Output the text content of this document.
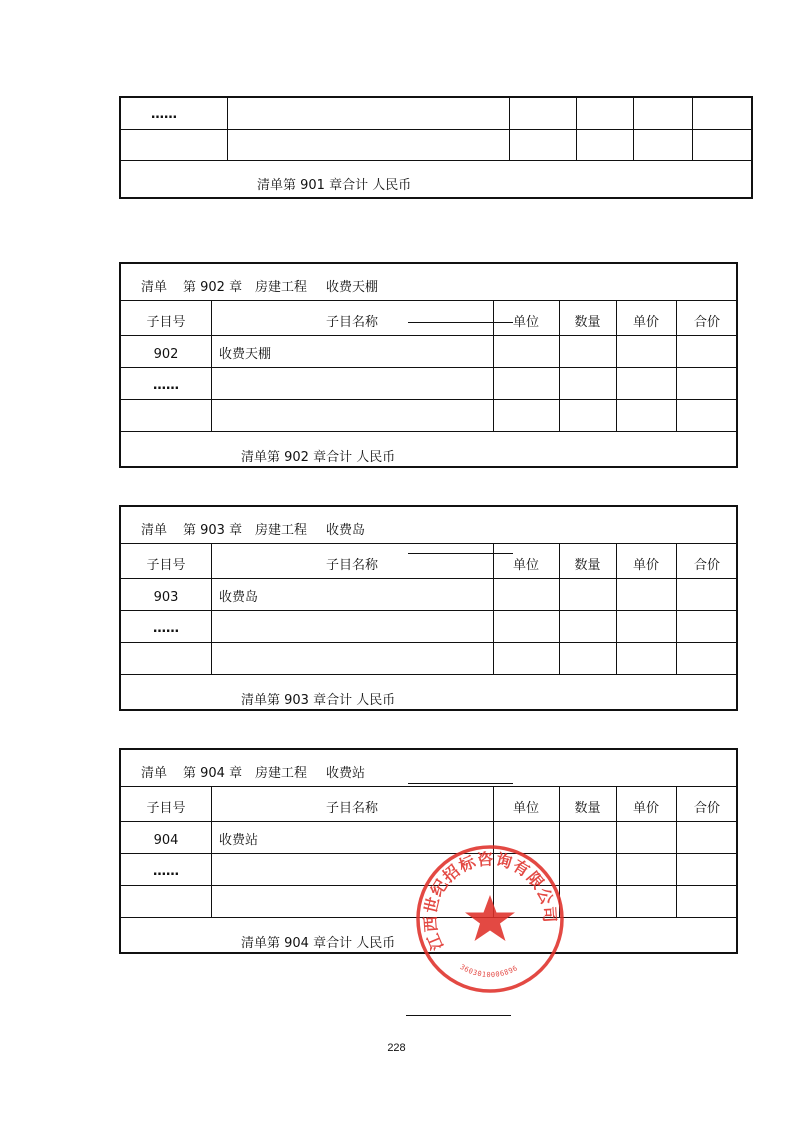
……
清单第 901 章合计 人民币
清单 第 902 章 房建工程 收费天棚
子目号	子目名称	单位	数量	单价	合价
902	收费天棚
……
清单第 902 章合计 人民币
清单 第 903 章 房建工程 收费岛
子目号	子目名称	单位	数量	单价	合价
903	收费岛
……
清单第 903 章合计 人民币
清单 第 904 章 房建工程 收费站
子目号	子目名称	单位	数量	单价	合价
904	收费站
……
清单第 904 章合计 人民币 江西世纪招标咨询有限公司
3603010006896
228
